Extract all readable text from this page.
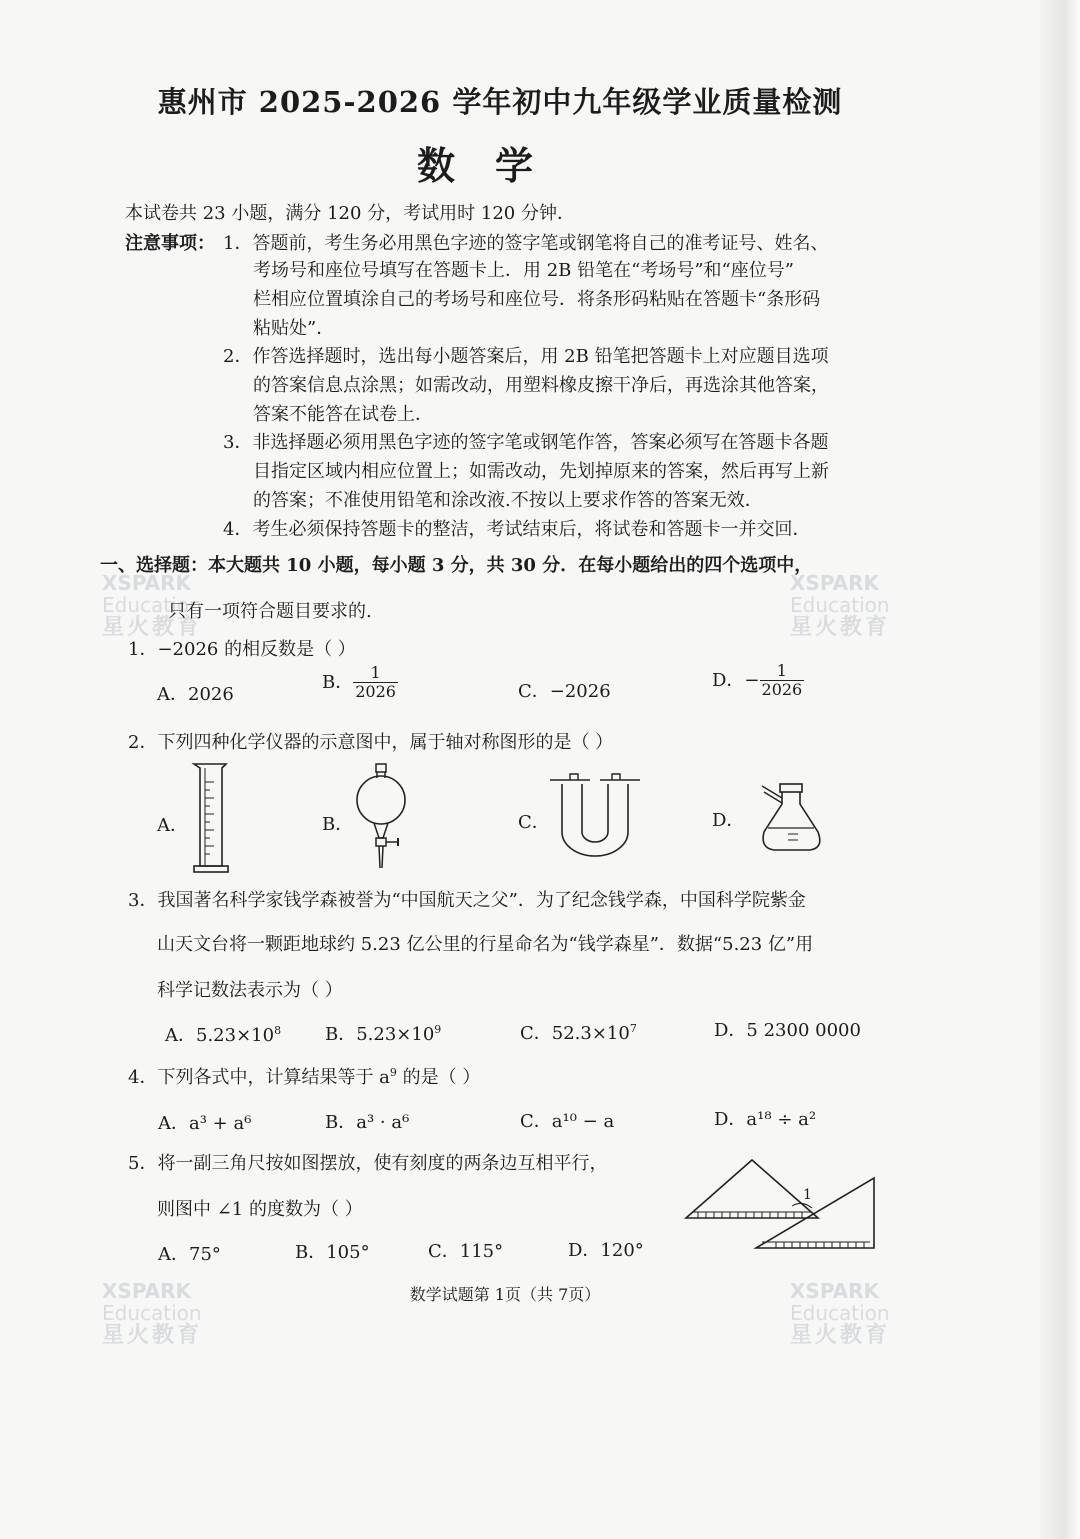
XSPARK
Education
星火教育
XSPARK
Education
星火教育
XSPARK
Education
星火教育
XSPARK
Education
星火教育
惠州市 2025-2026 学年初中九年级学业质量检测
数学
本试卷共 23 小题，满分 120 分，考试用时 120 分钟．
注意事项： 1．答题前，考生务必用黑色字迹的签字笔或钢笔将自己的准考证号、姓名、
考场号和座位号填写在答题卡上．用 2B 铅笔在“考场号”和“座位号”
栏相应位置填涂自己的考场号和座位号．将条形码粘贴在答题卡“条形码
粘贴处”．
2．作答选择题时，选出每小题答案后，用 2B 铅笔把答题卡上对应题目选项
的答案信息点涂黑；如需改动，用塑料橡皮擦干净后，再选涂其他答案，
答案不能答在试卷上．
3．非选择题必须用黑色字迹的签字笔或钢笔作答，答案必须写在答题卡各题
目指定区域内相应位置上；如需改动，先划掉原来的答案，然后再写上新
的答案；不准使用铅笔和涂改液.不按以上要求作答的答案无效．
4．考生必须保持答题卡的整洁，考试结束后，将试卷和答题卡一并交回．
一、选择题：本大题共 10 小题，每小题 3 分，共 30 分．在每小题给出的四个选项中，
只有一项符合题目要求的.
1．−2026 的相反数是（ ）
A．2026
B． $\frac{1}{2026}$	C．−2026
D．− $\frac{1}{2026}$
2．下列四种化学仪器的示意图中，属于轴对称图形的是（ ）
A．	B．	C．	D．
3．我国著名科学家钱学森被誉为“中国航天之父”．为了纪念钱学森，中国科学院紫金
山天文台将一颗距地球约 5.23 亿公里的行星命名为“钱学森星”．数据“5.23 亿”用
科学记数法表示为（ ）
A．$5.23\times 10^8$ B．$5.23\times 10^9$	C．$52.3\times 10^7$	D．5 2300 0000
4．下列各式中，计算结果等于 $a^9$ 的是（ ）
A．a³ + a⁶	B．a³ · a⁶	C．a¹⁰ − a	D．a¹⁸ ÷ a²
5．将一副三角尺按如图摆放，使有刻度的两条边互相平行，
则图中 ∠1 的度数为（ ）
A．75°	B．105°	C．115°	D．120°
1
数学试题第 1页（共 7页）
